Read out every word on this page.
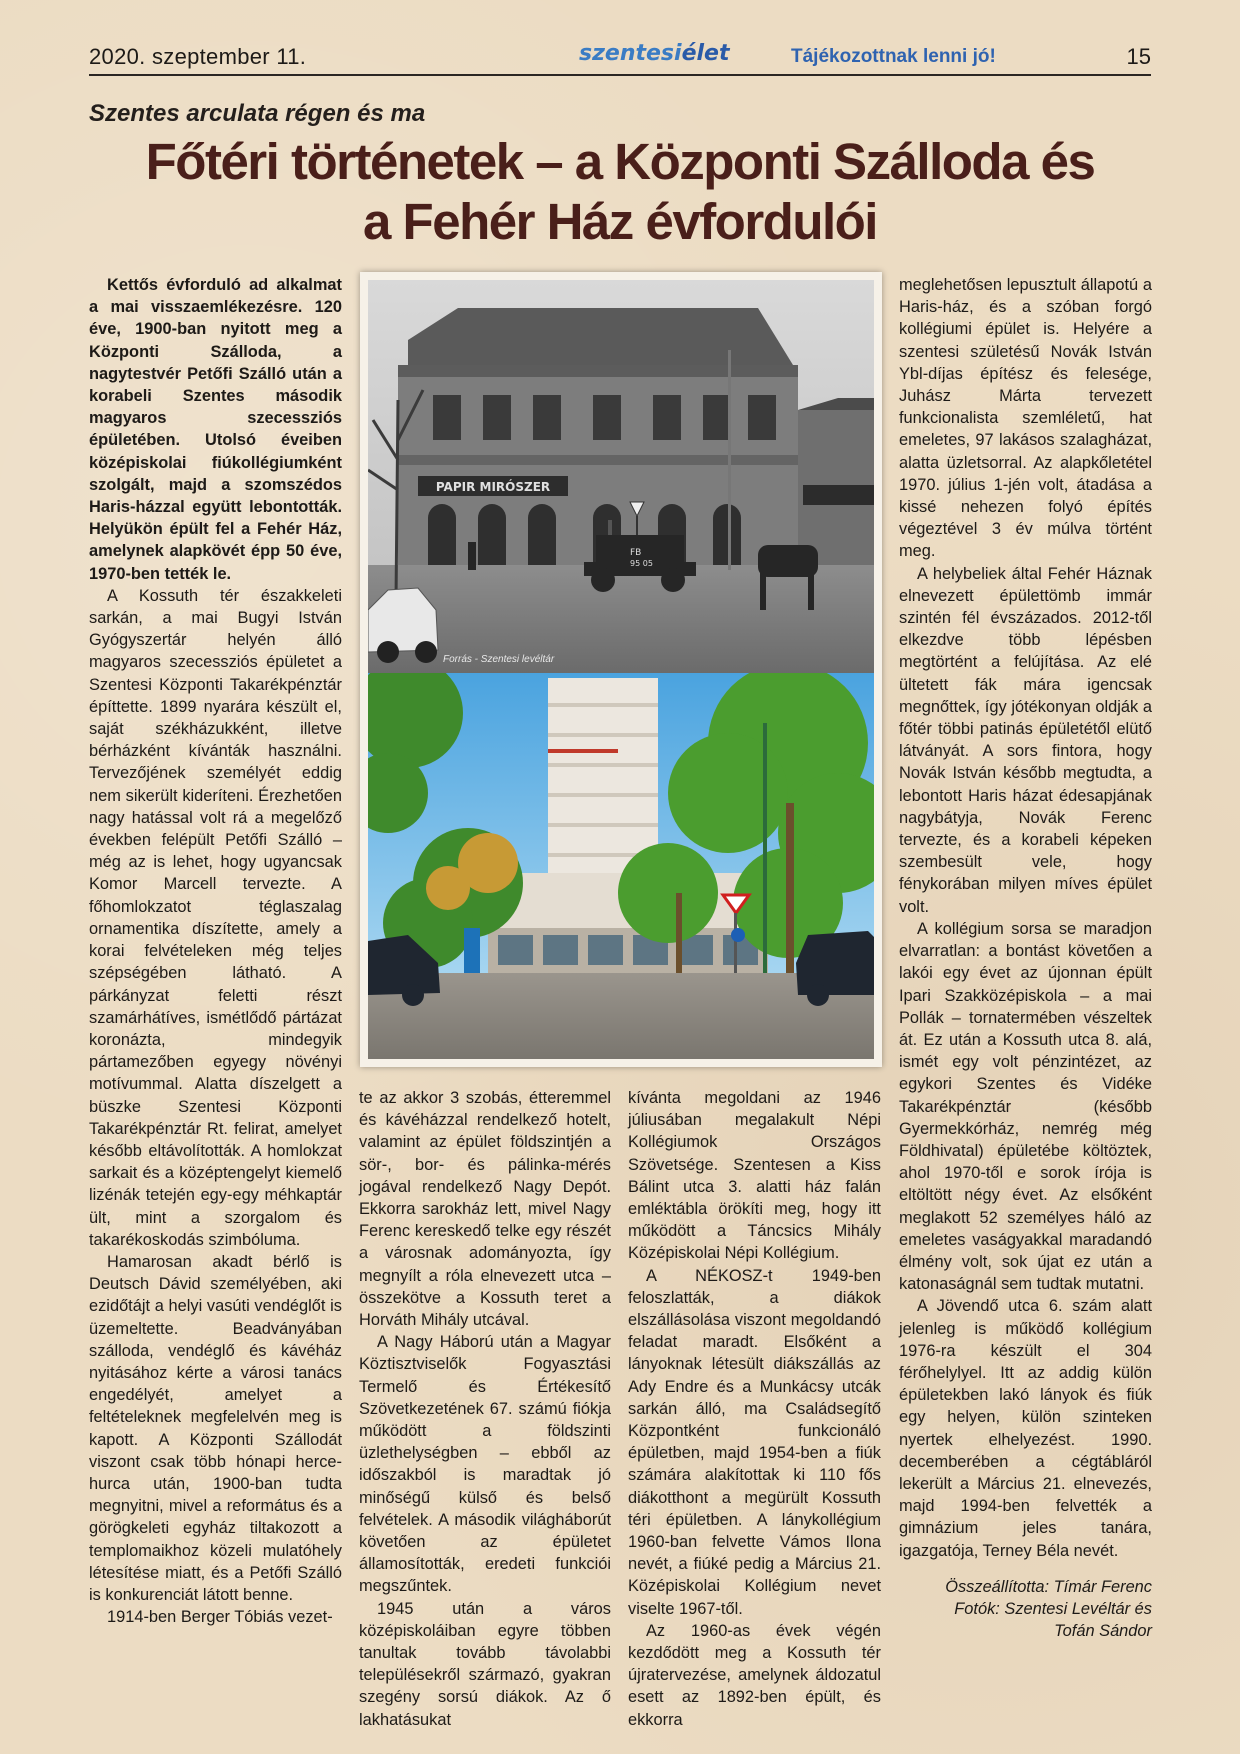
2020. szeptember 11.	szentesiélet	Tájékozottnak lenni jó!	15
Szentes arculata régen és ma
Főtéri történetek – a Központi Szálloda és
a Fehér Ház évfordulói

Kettős évforduló ad alkalmat a mai visszaemlékezésre. 120 éve, 1900-ban nyitott meg a Központi Szálloda, a nagytestvér Petőfi Szálló után a korabeli Szentes második magyaros szecessziós épületében. Utolsó éveiben középiskolai fiúkollégiumként szolgált, majd a szomszédos Haris-házzal együtt lebontották. Helyükön épült fel a Fehér Ház, amelynek alapkövét épp 50 éve, 1970-ben tették le.

A Kossuth tér északkeleti sarkán, a mai Bugyi István Gyógyszertár helyén álló magyaros szecessziós épületet a Szentesi Központi Takarékpénztár építtette. 1899 nyarára készült el, saját székházukként, illetve bérházként kívánták használni. Tervezőjének személyét eddig nem sikerült kideríteni. Érezhetően nagy hatással volt rá a megelőző években felépült Petőfi Szálló – még az is lehet, hogy ugyancsak Komor Marcell tervezte. A főhomlokzatot téglaszalag ornamentika díszítette, amely a korai felvételeken még teljes szépségében látható. A párkányzat feletti részt szamárhátíves, ismétlődő pártázat koronázta, mindegyik pártamezőben egyegy növényi motívummal. Alatta díszelgett a büszke Szentesi Központi Takarékpénztár Rt. felirat, amelyet később eltávolították. A homlokzat sarkait és a középtengelyt kiemelő lizénák tetején egy-egy méhkaptár ült, mint a szorgalom és takarékoskodás szimbóluma.

Hamarosan akadt bérlő is Deutsch Dávid személyében, aki ezidőtájt a helyi vasúti vendéglőt is üzemeltette. Beadványában szálloda, vendéglő és kávéház nyitásához kérte a városi tanács engedélyét, amelyet a feltételeknek megfelelvén meg is kapott. A Központi Szállodát viszont csak több hónapi herce-hurca után, 1900-ban tudta megnyitni, mivel a református és a görögkeleti egyház tiltakozott a templomaikhoz közeli mulatóhely létesítése miatt, és a Petőfi Szálló is konkurenciát látott benne.

1914-ben Berger Tóbiás vezet-

PAPIR MIRÓSZER
FB
95 05
Forrás - Szentesi levéltár

te az akkor 3 szobás, étteremmel és kávéházzal rendelkező hotelt, valamint az épület földszintjén a sör-, bor- és pálinka-mérés jogával rendelkező Nagy Depót. Ekkorra sarokház lett, mivel Nagy Ferenc kereskedő telke egy részét a városnak adományozta, így megnyílt a róla elnevezett utca – összekötve a Kossuth teret a Horváth Mihály utcával.

A Nagy Háború után a Magyar Köztisztviselők Fogyasztási Termelő és Értékesítő Szövetkezetének 67. számú fiókja működött a földszinti üzlethelységben – ebből az időszakból is maradtak jó minőségű külső és belső felvételek. A második világháborút követően az épületet államosították, eredeti funkciói megszűntek.

1945 után a város középiskoláiban egyre többen tanultak tovább távolabbi településekről származó, gyakran szegény sorsú diákok. Az ő lakhatásukat

kívánta megoldani az 1946 júliusában megalakult Népi Kollégiumok Országos Szövetsége. Szentesen a Kiss Bálint utca 3. alatti ház falán emléktábla örökíti meg, hogy itt működött a Táncsics Mihály Középiskolai Népi Kollégium.

A NÉKOSZ-t 1949-ben feloszlatták, a diákok elszállásolása viszont megoldandó feladat maradt. Elsőként a lányoknak létesült diákszállás az Ady Endre és a Munkácsy utcák sarkán álló, ma Családsegítő Központként funkcionáló épületben, majd 1954-ben a fiúk számára alakítottak ki 110 fős diákotthont a megürült Kossuth téri épületben. A lánykollégium 1960-ban felvette Vámos Ilona nevét, a fiúké pedig a Március 21. Középiskolai Kollégium nevet viselte 1967-től.

Az 1960-as évek végén kezdődött meg a Kossuth tér újratervezése, amelynek áldozatul esett az 1892-ben épült, és ekkorra

meglehetősen lepusztult állapotú a Haris-ház, és a szóban forgó kollégiumi épület is. Helyére a szentesi születésű Novák István Ybl-díjas építész és felesége, Juhász Márta tervezett funkcionalista szemléletű, hat emeletes, 97 lakásos szalagházat, alatta üzletsorral. Az alapkőletétel 1970. július 1-jén volt, átadása a kissé nehezen folyó építés végeztével 3 év múlva történt meg.

A helybeliek által Fehér Háznak elnevezett épülettömb immár szintén fél évszázados. 2012-től elkezdve több lépésben megtörtént a felújítása. Az elé ültetett fák mára igencsak megnőttek, így jótékonyan oldják a főtér többi patinás épületétől elütő látványát. A sors fintora, hogy Novák István később megtudta, a lebontott Haris házat édesapjának nagybátyja, Novák Ferenc tervezte, és a korabeli képeken szembesült vele, hogy fénykorában milyen míves épület volt.

A kollégium sorsa se maradjon elvarratlan: a bontást követően a lakói egy évet az újonnan épült Ipari Szakközépiskola – a mai Pollák – tornatermében vészeltek át. Ez után a Kossuth utca 8. alá, ismét egy volt pénzintézet, az egykori Szentes és Vidéke Takarékpénztár (később Gyermekkórház, nemrég még Földhivatal) épületébe költöztek, ahol 1970-től e sorok írója is eltöltött négy évet. Az elsőként meglakott 52 személyes háló az emeletes vaságyakkal maradandó élmény volt, sok újat ez után a katonaságnál sem tudtak mutatni.

A Jövendő utca 6. szám alatt jelenleg is működő kollégium 1976-ra készült el 304 férőhelylyel. Itt az addig külön épületekben lakó lányok és fiúk egy helyen, külön szinteken nyertek elhelyezést. 1990. decemberében a cégtábláról lekerült a Március 21. elnevezés, majd 1994-ben felvették a gimnázium jeles tanára, igazgatója, Terney Béla nevét.

Összeállította: Tímár Ferenc

Fotók: Szentesi Levéltár és

Tofán Sándor
